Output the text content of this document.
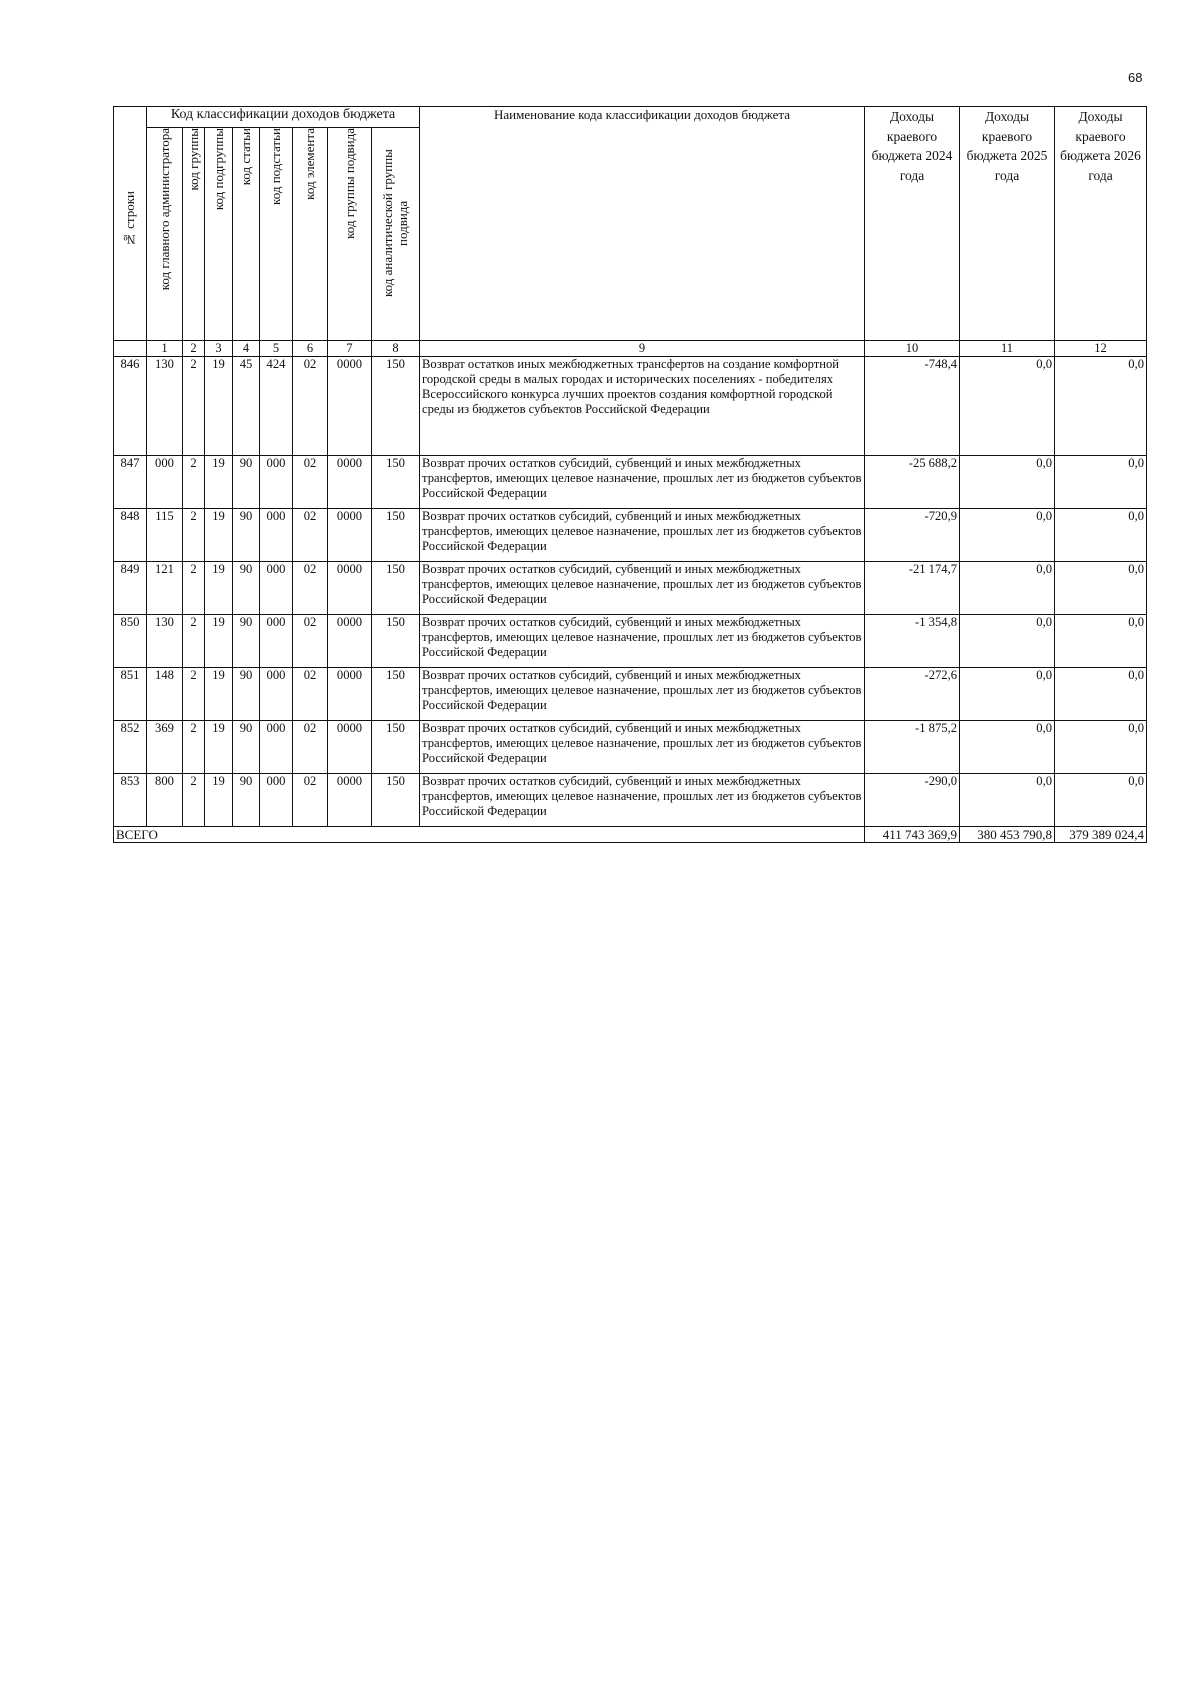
68
№ строки	Код классификации доходов бюджета								Наименование кода классификации доходов бюджета	Доходы краевого бюджета 2024 года	Доходы краевого бюджета 2025 года	Доходы краевого бюджета 2026 года
	код главного администратора	код группы	код подгруппы	код статьи	код подстатьи	код элемента	код группы подвида	код аналитической группы подвида				
	1	2	3	4	5	6	7	8	9	10	11	12
846	130	2	19	45	424	02	0000	150	Возврат остатков иных межбюджетных трансфертов на создание комфортной городской среды в малых городах и исторических поселениях - победителях Всероссийского конкурса лучших проектов создания комфортной городской среды из бюджетов субъектов Российской Федерации	-748,4	0,0	0,0
847	000	2	19	90	000	02	0000	150	Возврат прочих остатков субсидий, субвенций и иных межбюджетных трансфертов, имеющих целевое назначение, прошлых лет из бюджетов субъектов Российской Федерации	-25 688,2	0,0	0,0
848	115	2	19	90	000	02	0000	150	Возврат прочих остатков субсидий, субвенций и иных межбюджетных трансфертов, имеющих целевое назначение, прошлых лет из бюджетов субъектов Российской Федерации	-720,9	0,0	0,0
849	121	2	19	90	000	02	0000	150	Возврат прочих остатков субсидий, субвенций и иных межбюджетных трансфертов, имеющих целевое назначение, прошлых лет из бюджетов субъектов Российской Федерации	-21 174,7	0,0	0,0
850	130	2	19	90	000	02	0000	150	Возврат прочих остатков субсидий, субвенций и иных межбюджетных трансфертов, имеющих целевое назначение, прошлых лет из бюджетов субъектов Российской Федерации	-1 354,8	0,0	0,0
851	148	2	19	90	000	02	0000	150	Возврат прочих остатков субсидий, субвенций и иных межбюджетных трансфертов, имеющих целевое назначение, прошлых лет из бюджетов субъектов Российской Федерации	-272,6	0,0	0,0
852	369	2	19	90	000	02	0000	150	Возврат прочих остатков субсидий, субвенций и иных межбюджетных трансфертов, имеющих целевое назначение, прошлых лет из бюджетов субъектов Российской Федерации	-1 875,2	0,0	0,0
853	800	2	19	90	000	02	0000	150	Возврат прочих остатков субсидий, субвенций и иных межбюджетных трансфертов, имеющих целевое назначение, прошлых лет из бюджетов субъектов Российской Федерации	-290,0	0,0	0,0
ВСЕГО										411 743 369,9	380 453 790,8	379 389 024,4
